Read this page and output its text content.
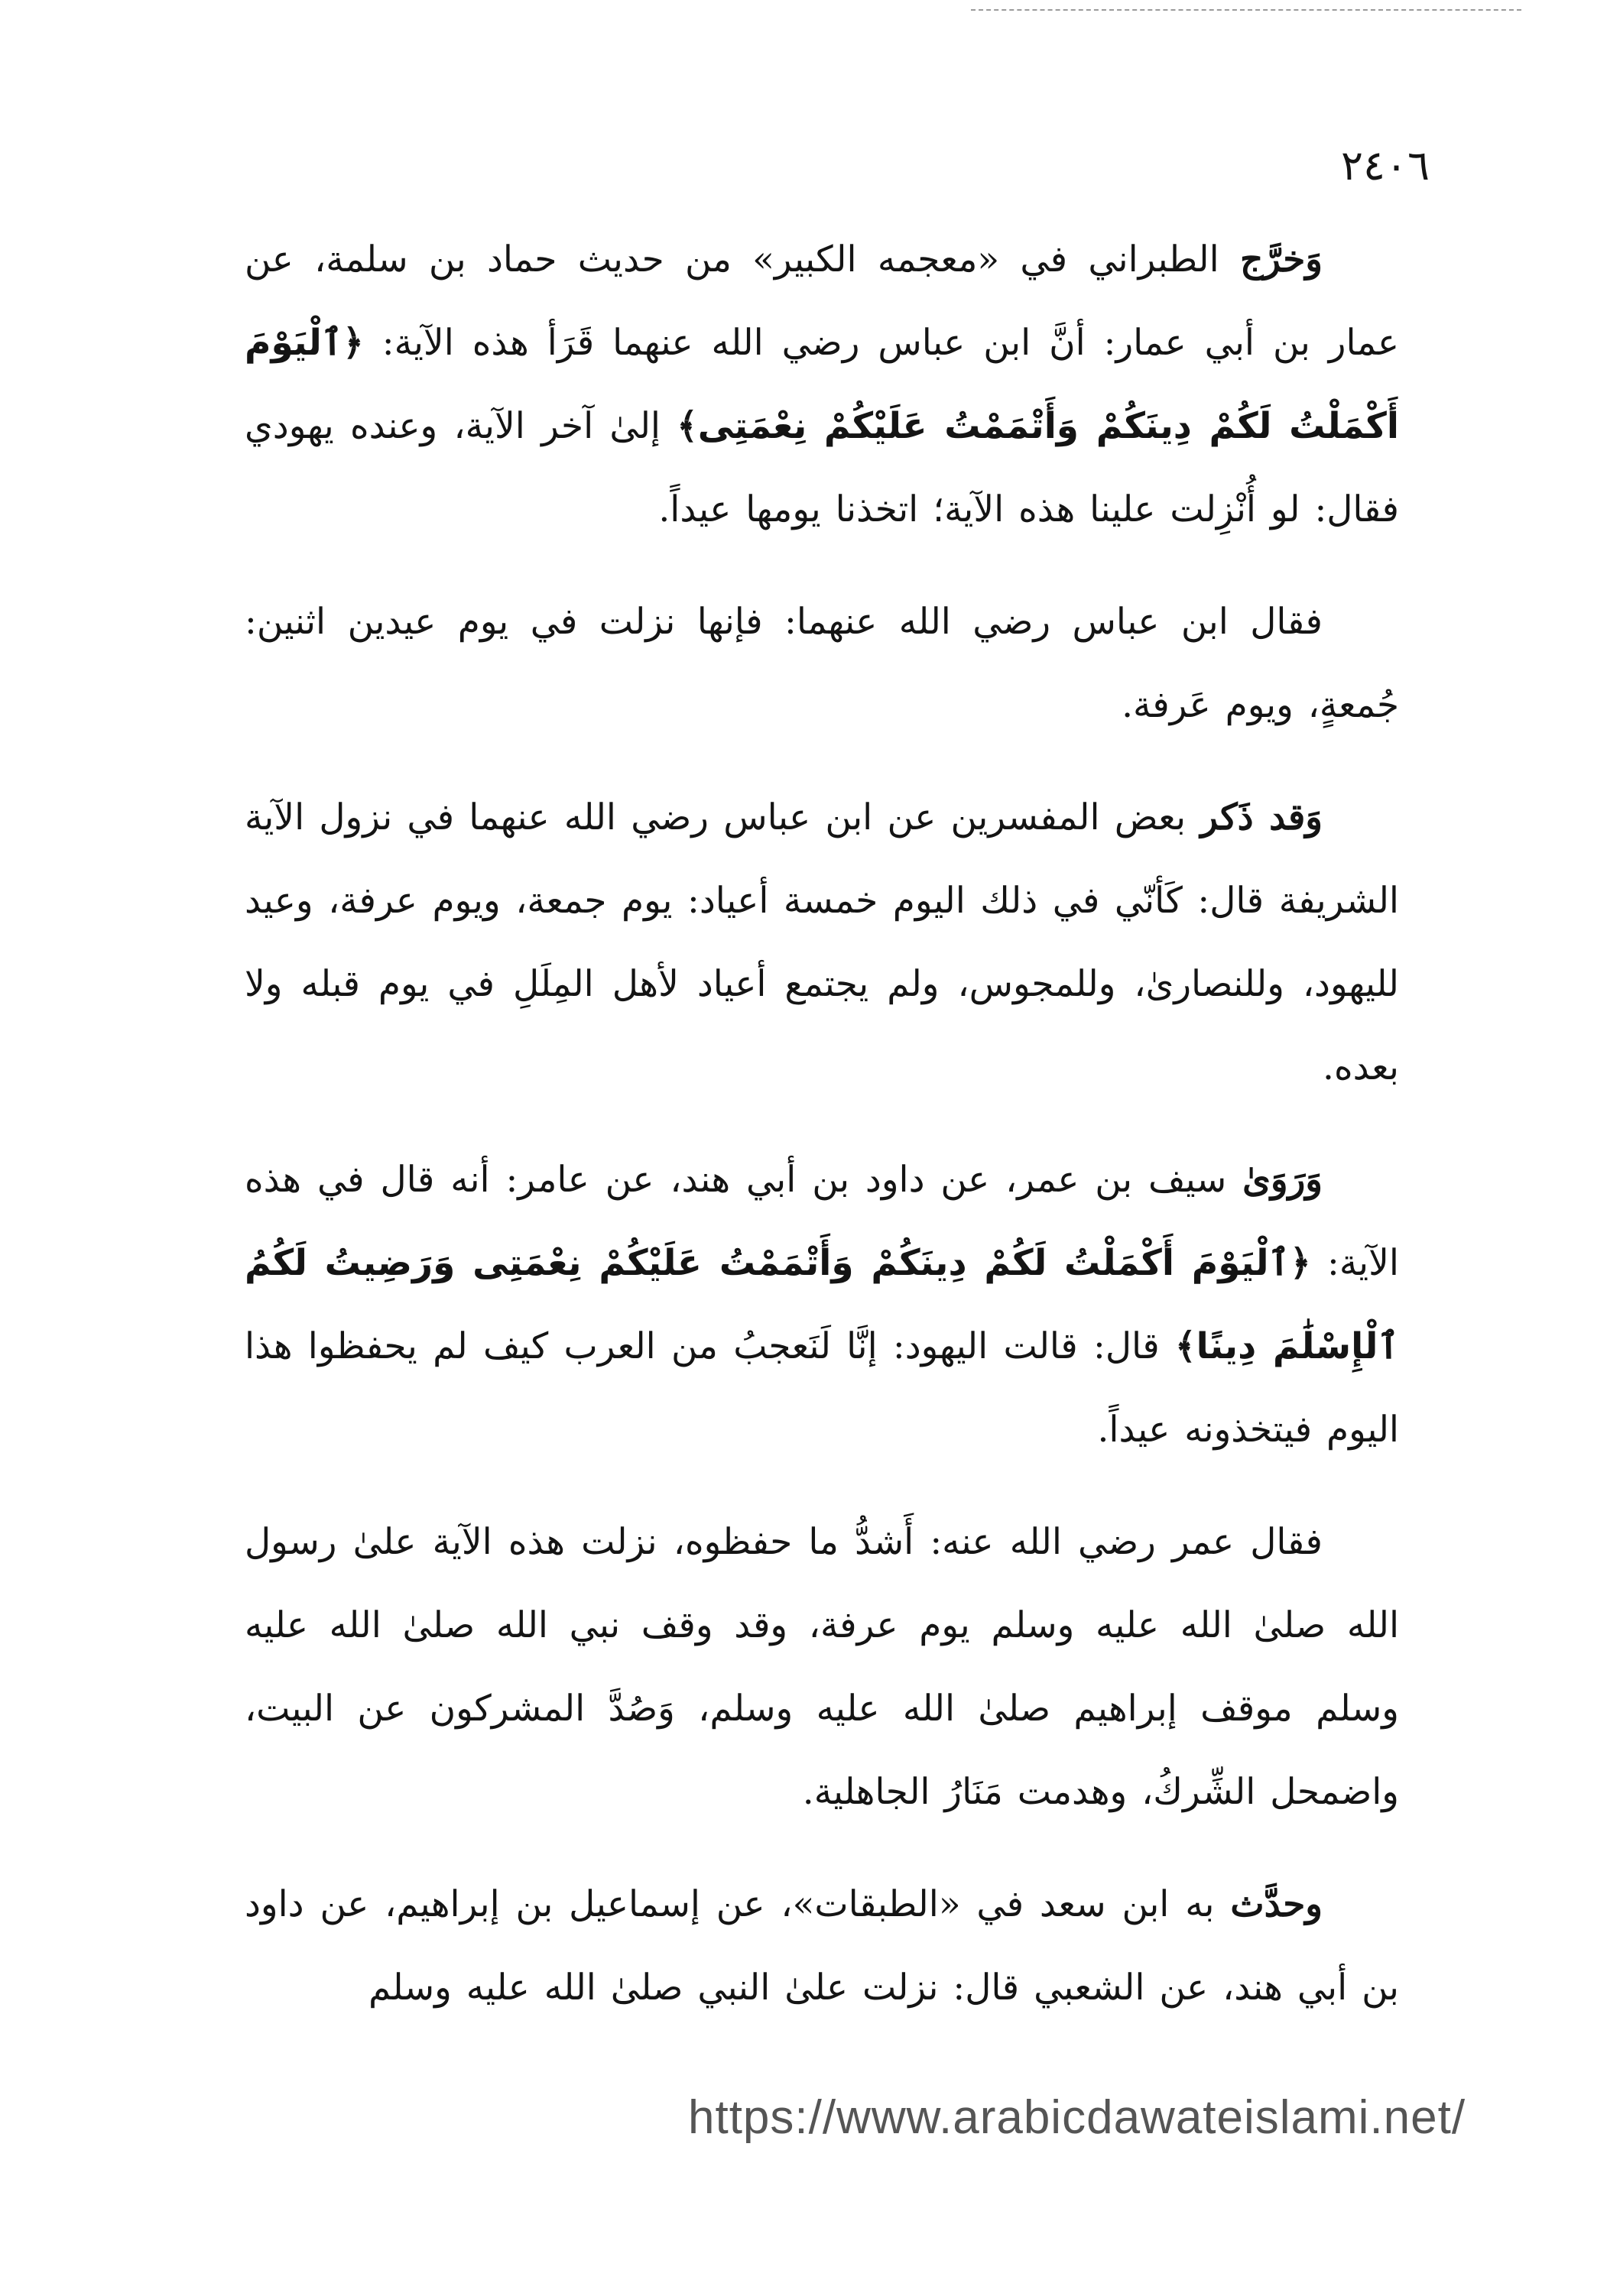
٢٤٠٦

وَخرَّج الطبراني في «معجمه الكبير» من حديث حماد بن سلمة، عن عمار بن أبي عمار: أنَّ ابن عباس رضي الله عنهما قَرَأ هذه الآية: ﴿ٱلْيَوْمَ أَكْمَلْتُ لَكُمْ دِينَكُمْ وَأَتْمَمْتُ عَلَيْكُمْ نِعْمَتِى﴾ إلىٰ آخر الآية، وعنده يهودي فقال: لو أُنْزِلت علينا هذه الآية؛ اتخذنا يومها عيداً.

فقال ابن عباس رضي الله عنهما: فإنها نزلت في يوم عيدين اثنين: جُمعةٍ، ويوم عَرفة.

وَقد ذَكر بعض المفسرين عن ابن عباس رضي الله عنهما في نزول الآية الشريفة قال: كَأنّي في ذلك اليوم خمسة أعياد: يوم جمعة، ويوم عرفة، وعيد لليهود، وللنصارىٰ، وللمجوس، ولم يجتمع أعياد لأهل المِلَلِ في يوم قبله ولا بعده.

وَرَوَىٰ سيف بن عمر، عن داود بن أبي هند، عن عامر: أنه قال في هذه الآية: ﴿ٱلْيَوْمَ أَكْمَلْتُ لَكُمْ دِينَكُمْ وَأَتْمَمْتُ عَلَيْكُمْ نِعْمَتِى وَرَضِيتُ لَكُمُ ٱلْإِسْلَٰمَ دِينًا﴾ قال: قالت اليهود: إنَّا لَنَعجبُ من العرب كيف لم يحفظوا هذا اليوم فيتخذونه عيداً.

فقال عمر رضي الله عنه: أَشدُّ ما حفظوه، نزلت هذه الآية علىٰ رسول الله صلىٰ الله عليه وسلم يوم عرفة، وقد وقف نبي الله صلىٰ الله عليه وسلم موقف إبراهيم صلىٰ الله عليه وسلم، وَصُدَّ المشركون عن البيت، واضمحل الشِّركُ، وهدمت مَنَارُ الجاهلية.

وحدَّث به ابن سعد في «الطبقات»، عن إسماعيل بن إبراهيم، عن داود بن أبي هند، عن الشعبي قال: نزلت علىٰ النبي صلىٰ الله عليه وسلم

https://www.arabicdawateislami.net/
